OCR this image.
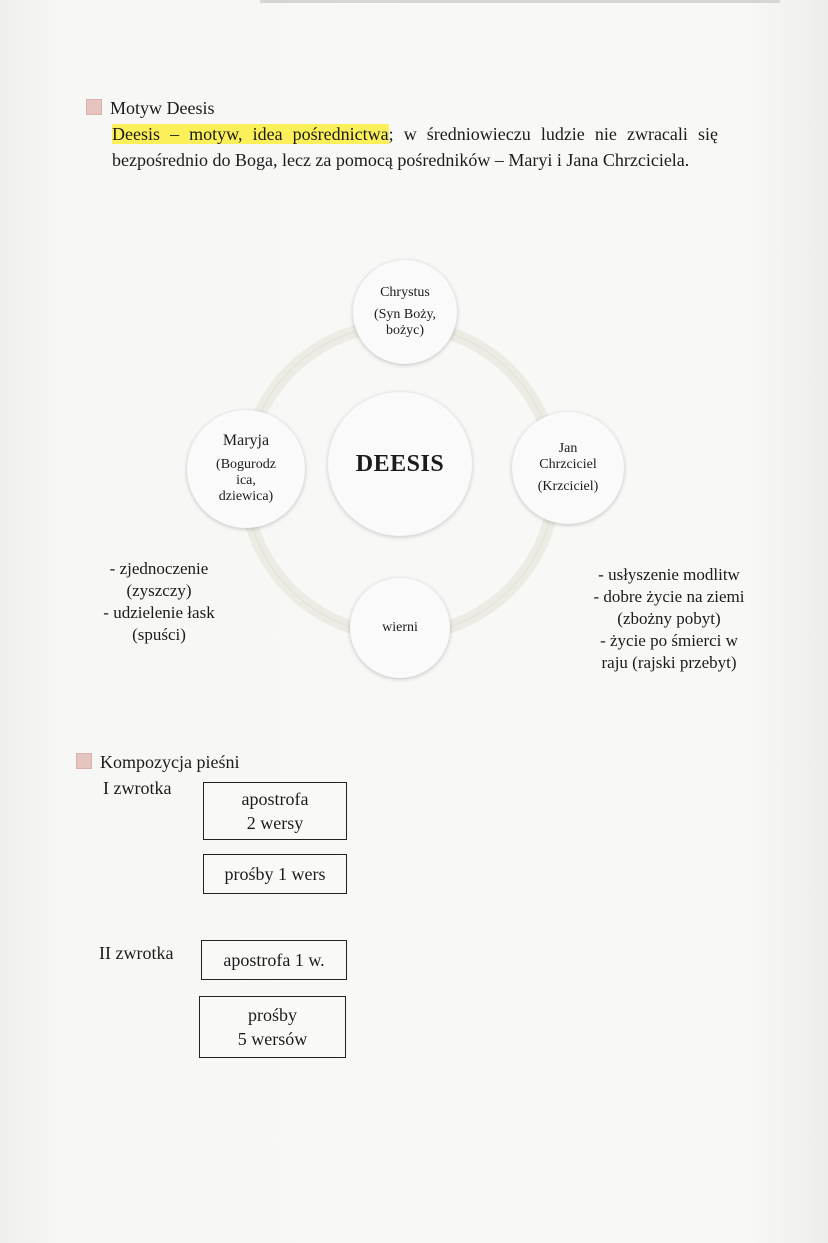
Motyw Deesis
Deesis – motyw, idea pośrednictwa; w średniowieczu ludzie nie zwracali się bezpośrednio do Boga, lecz za pomocą pośredników – Maryi i Jana Chrzciciela.
DEESIS
Chrystus
(Syn Boży,
bożyc)
Maryja
(Bogurodz
ica,
dziewica)
Jan
Chrzciciel
(Krzciciel)
wierni
- zjednoczenie
(zyszczy)
- udzielenie łask
(spuści)
- usłyszenie modlitw
- dobre życie na ziemi
(zbożny pobyt)
- życie po śmierci w
raju (rajski przebyt)
Kompozycja pieśni
I zwrotka
apostrofa
2 wersy
prośby 1 wers
II zwrotka	apostrofa 1 w.
prośby
5 wersów
